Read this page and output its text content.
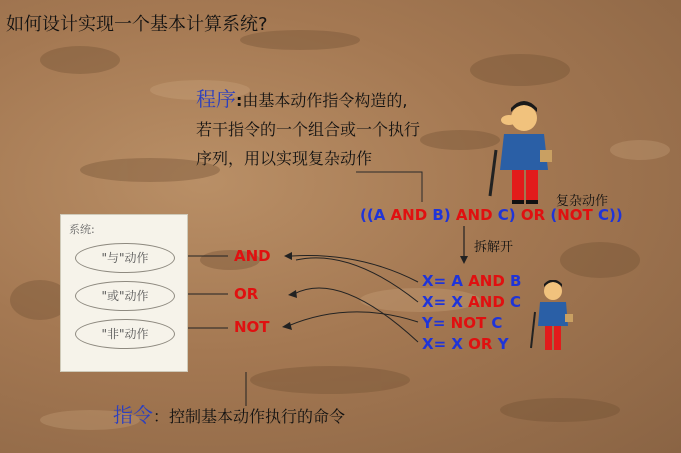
如何设计实现一个基本计算系统?
程序:由基本动作指令构造的,
若干指令的一个组合或一个执行
序列，用以实现复杂动作
复杂动作
((A AND B) AND C) OR (NOT C))
拆解开
系统:
"与"动作
"或"动作
"非"动作
AND
OR
NOT
X= A AND B
X= X AND C
Y= NOT C
X= X OR Y
指令：控制基本动作执行的命令
